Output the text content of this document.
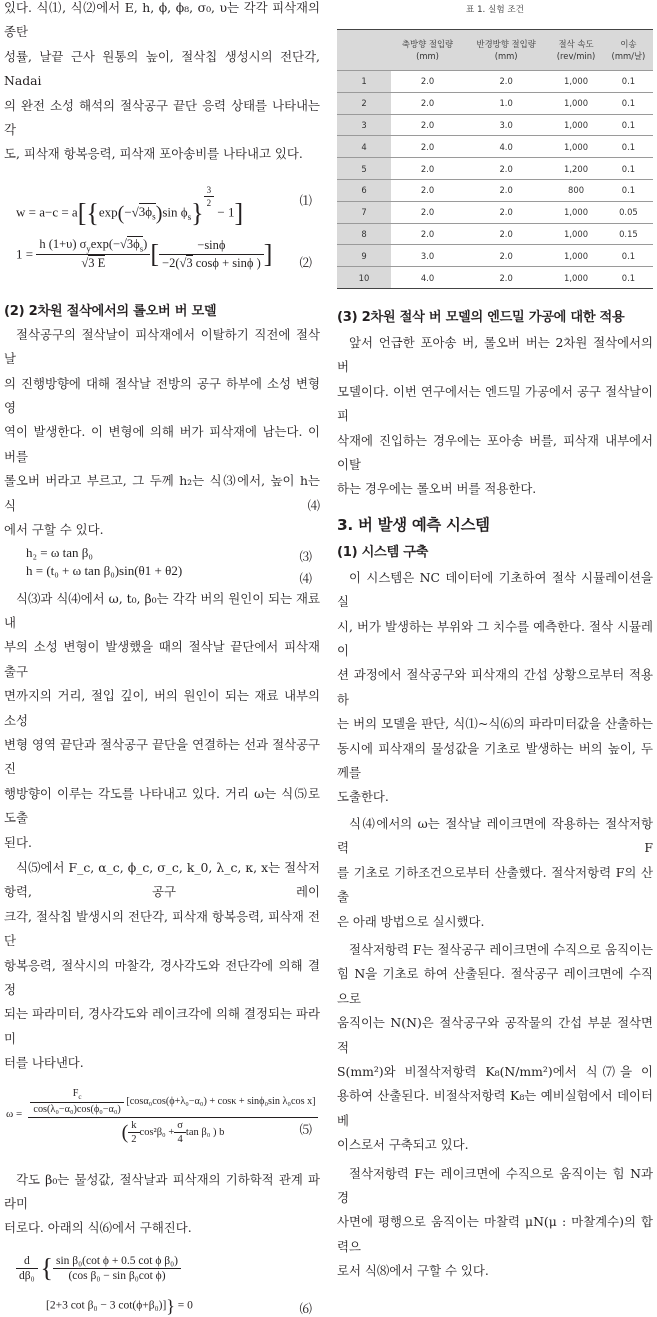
있다. 식⑴, 식⑵에서 E, h, ϕ, ϕ₈, σ₀, υ는 각각 피삭재의 종탄

성률, 날끝 근사 원통의 높이, 절삭칩 생성시의 전단각, Nadai

의 완전 소성 해석의 절삭공구 끝단 응력 상태를 나타내는 각

도, 피삭재 항복응력, 피삭재 포아송비를 나타내고 있다.

$w = a-c = a[\{\exp(-√3\phi_s)\sin$ $\phi_s$}
$^{\frac{3}{2}}$
− 1]	⑴
$1 = \frac{h (1+\upsilon) \sigma_y\exp(-√3\phi_s)}{√3 E}$ [ $\frac{-\sin\phi}{-2(√3 \cos\phi + \sin\phi )}$ ] ⑵

(2) 2차원 절삭에서의 롤오버 버 모델

절삭공구의 절삭날이 피삭재에서 이탈하기 직전에 절삭날

의 진행방향에 대해 절삭날 전방의 공구 하부에 소성 변형 영

역이 발생한다. 이 변형에 의해 버가 피삭재에 남는다. 이 버를

롤오버 버라고 부르고, 그 두께 h₂는 식⑶에서, 높이 h는 식⑷

에서 구할 수 있다.

h₂ = ω tan β₀	⑶
h = (t₀ + ω tan β₀)sin(θ1 + θ2)
⑷

식⑶과 식⑷에서 ω, t₀, β₀는 각각 버의 원인이 되는 재료 내

부의 소성 변형이 발생했을 때의 절삭날 끝단에서 피삭재 출구

면까지의 거리, 절입 깊이, 버의 원인이 되는 재료 내부의 소성

변형 영역 끝단과 절삭공구 끝단을 연결하는 선과 절삭공구 진

행방향이 이루는 각도를 나타내고 있다. 거리 ω는 식⑸로 도출

된다.

식⑸에서 F_c, α_c, ϕ_c, σ_c, k_0, λ_c, κ, x는 절삭저항력, 공구 레이

크각, 절삭칩 발생시의 전단각, 피삭재 항복응력, 피삭재 전단

항복응력, 절삭시의 마찰각, 경사각도와 전단각에 의해 결정

되는 파라미터, 경사각도와 레이크각에 의해 결정되는 파라미

터를 나타낸다.

$\omega = \frac{F_c}{\text{cos(λ₀−α₀)cos(ϕ₀−α₀)}} [\cos\alpha_0\cos(\phi+\lambda_0-\alpha_0) + \cos\kappa + \sin\phi_0\sin$ λ₀cos x]
( $\frac{k}{2} \cos^2\beta_0 + \frac{\sigma}{4}$ tan β₀ ) b	⑸

각도 β₀는 물성값, 절삭날과 피삭재의 기하학적 관계 파라미

터로다. 아래의 식⑹에서 구해진다.

$\frac{d}{\text{dβ₀}}$ { $\frac{\text{sin β₀(cot ϕ + 0.5 cot ϕ β₀)}}{\text{(cos β₀ − sin β₀cot ϕ)}}$
[2+3 cot β₀ − 3 cot(ϕ+β₀)]} = 0	⑹

표 1. 실험 조건

	축방향 절입량
(mm)	반경방향 절입량
(mm)	절삭 속도
(rev/min)	이송
(mm/날)
1	2.0	2.0	1,000	0.1
2	2.0	1.0	1,000	0.1
3	2.0	3.0	1,000	0.1
4	2.0	4.0	1,000	0.1
5	2.0	2.0	1,200	0.1
6	2.0	2.0	800	0.1
7	2.0	2.0	1,000	0.05
8	2.0	2.0	1,000	0.15
9	3.0	2.0	1,000	0.1
10	4.0	2.0	1,000	0.1

(3) 2차원 절삭 버 모델의 엔드밀 가공에 대한 적용

앞서 언급한 포아송 버, 롤오버 버는 2차원 절삭에서의 버

모델이다. 이번 연구에서는 엔드밀 가공에서 공구 절삭날이 피

삭재에 진입하는 경우에는 포아송 버를, 피삭재 내부에서 이탈

하는 경우에는 롤오버 버를 적용한다.

3. 버 발생 예측 시스템

(1) 시스템 구축

이 시스템은 NC 데이터에 기초하여 절삭 시뮬레이션을 실

시, 버가 발생하는 부위와 그 치수를 예측한다. 절삭 시뮬레이

션 과정에서 절삭공구와 피삭재의 간섭 상황으로부터 적용하

는 버의 모델을 판단, 식⑴~식⑹의 파라미터값을 산출하는

동시에 피삭재의 물성값을 기초로 발생하는 버의 높이, 두께를

도출한다.

식⑷에서의 ω는 절삭날 레이크면에 작용하는 절삭저항력 F

를 기초로 기하조건으로부터 산출했다. 절삭저항력 F의 산출

은 아래 방법으로 실시했다.

절삭저항력 F는 절삭공구 레이크면에 수직으로 움직이는

힘 N을 기초로 하여 산출된다. 절삭공구 레이크면에 수직으로

움직이는 N(N)은 절삭공구와 공작물의 간섭 부분 절삭면적

S(mm²)와 비절삭저항력 K₈(N/mm²)에서 식⑺을 이

용하여 산출된다. 비절삭저항력 K₈는 예비실험에서 데이터베

이스로서 구축되고 있다.

절삭저항력 F는 레이크면에 수직으로 움직이는 힘 N과 경

사면에 평행으로 움직이는 마찰력 μN(μ : 마찰계수)의 합력으

로서 식⑻에서 구할 수 있다.
